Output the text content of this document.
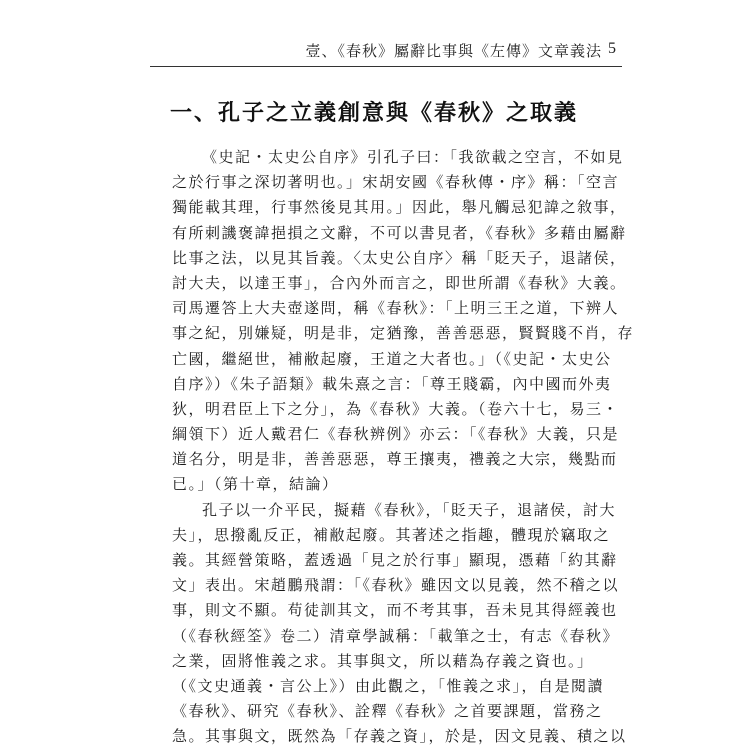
壹、《春秋》屬辭比事與《左傳》文章義法 5
一、孔子之立義創意與《春秋》之取義
《史記・太史公自序》引孔子曰：「我欲載之空言，不如見
之於行事之深切著明也。」宋胡安國《春秋傳・序》稱：「空言
獨能載其理，行事然後見其用。」因此，舉凡觸忌犯諱之敘事，
有所刺譏褒諱挹損之文辭，不可以書見者，《春秋》多藉由屬辭
比事之法，以見其旨義。〈太史公自序〉稱「貶天子，退諸侯，
討大夫，以達王事」，合內外而言之，即世所謂《春秋》大義。
司馬遷答上大夫壺遂問，稱《春秋》：「上明三王之道，下辨人
事之紀，別嫌疑，明是非，定猶豫，善善惡惡，賢賢賤不肖，存
亡國，繼絕世，補敝起廢，王道之大者也。」（《史記・太史公
自序》）《朱子語類》載朱熹之言：「尊王賤霸，內中國而外夷
狄，明君臣上下之分」，為《春秋》大義。（卷六十七，易三・
綱領下）近人戴君仁《春秋辨例》亦云：「《春秋》大義，只是
道名分，明是非，善善惡惡，尊王攘夷，禮義之大宗，幾點而
已。」（第十章，結論）
孔子以一介平民，擬藉《春秋》，「貶天子，退諸侯，討大
夫」，思撥亂反正，補敝起廢。其著述之指趣，體現於竊取之
義。其經營策略，蓋透過「見之於行事」顯現，憑藉「約其辭
文」表出。宋趙鵬飛謂：「《春秋》雖因文以見義，然不稽之以
事，則文不顯。苟徒訓其文，而不考其事，吾未見其得經義也
（《春秋經筌》卷二）清章學誠稱：「載筆之士，有志《春秋》
之業，固將惟義之求。其事與文，所以藉為存義之資也。」
（《文史通義・言公上》）由此觀之，「惟義之求」，自是閱讀
《春秋》、研究《春秋》、詮釋《春秋》之首要課題，當務之
急。其事與文，既然為「存義之資」，於是，因文見義、積之以
